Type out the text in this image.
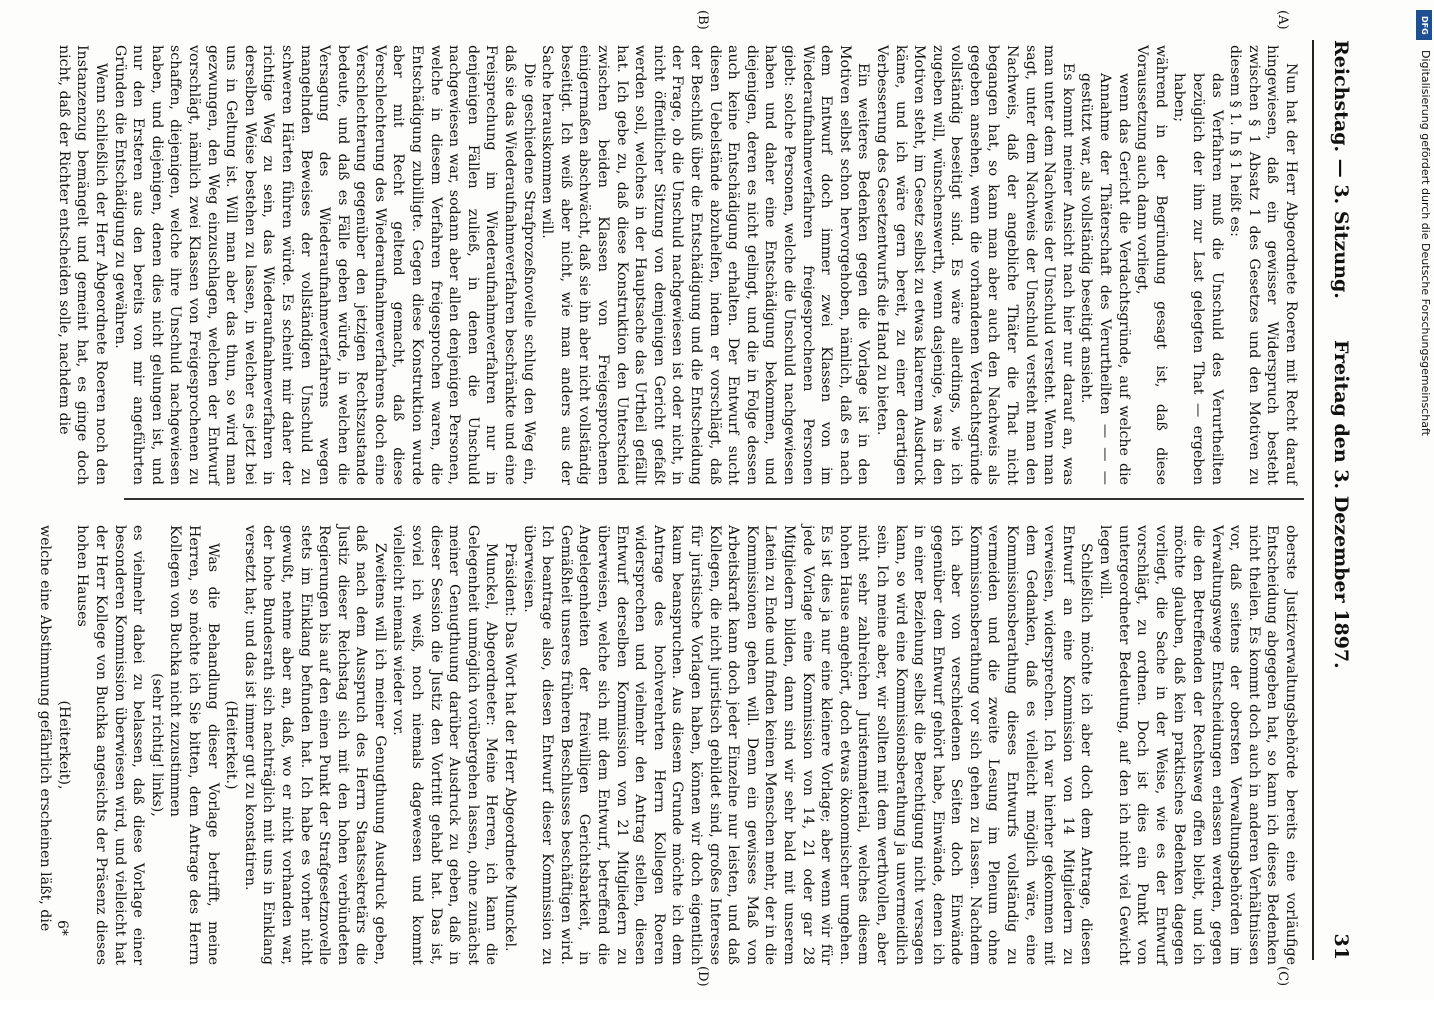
Reichstag. — 3. Sitzung.
Freitag den 3. Dezember 1897.
31
(A)
(B)
(C)
(D)

Nun hat der Herr Abgeordnete Roeren mit Recht darauf hingewiesen, daß ein gewisser Widerspruch besteht zwischen § 1 Absatz 1 des Gesetzes und den Motiven zu diesem § 1. In § 1 heißt es:

das Verfahren muß die Unschuld des Verurtheilten bezüglich der ihm zur Last gelegten That — ergeben haben;

während in der Begründung gesagt ist, daß diese Voraussetzung auch dann vorliegt,

wenn das Gericht die Verdachtsgründe, auf welche die Annahme der Thäterschaft des Verurtheilten — — — gestützt war, als vollständig beseitigt ansieht.

Es kommt meiner Ansicht nach hier nur darauf an, was man unter dem Nachweis der Unschuld versteht. Wenn man sagt, unter dem Nachweis der Unschuld versteht man den Nachweis, daß der angebliche Thäter die That nicht begangen hat, so kann man aber auch den Nachweis als gegeben ansehen, wenn die vorhandenen Verdachtsgründe vollständig beseitigt sind. Es wäre allerdings, wie ich zugeben will, wünschenswerth, wenn dasjenige, was in den Motiven steht, im Gesetz selbst zu etwas klarerem Ausdruck käme, und ich wäre gern bereit, zu einer derartigen Verbesserung des Gesetzentwurfs die Hand zu bieten.

Ein weiteres Bedenken gegen die Vorlage ist in den Motiven selbst schon hervorgehoben, nämlich, daß es nach dem Entwurf doch immer zwei Klassen von im Wiederaufnahmeverfahren freigesprochenen Personen giebt: solche Personen, welche die Unschuld nachgewiesen haben und daher eine Entschädigung bekommen, und diejenigen, deren es nicht gelingt, und die in Folge dessen auch keine Entschädigung erhalten. Der Entwurf sucht diesen Uebelstände abzuhelfen, indem er vorschlägt, daß der Beschluß über die Entschädigung und die Entscheidung der Frage, ob die Unschuld nachgewiesen ist oder nicht, in nicht öffentlicher Sitzung von demjenigen Gericht gefaßt werden soll, welches in der Hauptsache das Urtheil gefällt hat. Ich gebe zu, daß diese Konstruktion den Unterschied zwischen beiden Klassen von Freigesprochenen einigermaßen abschwächt, daß sie ihn aber nicht vollständig beseitigt. Ich weiß aber nicht, wie man anders aus der Sache herauskommen will.

Die geschiedene Strafprozeßnovelle schlug den Weg ein, daß sie das Wiederaufnahmeverfahren beschränkte und eine Freisprechung im Wiederaufnahmeverfahren nur in denjenigen Fällen zuließ, in denen die Unschuld nachgewiesen war, sodann aber allen denjenigen Personen, welche in diesem Verfahren freigesprochen waren, die Entschädigung zubilligte. Gegen diese Konstruktion wurde aber mit Recht geltend gemacht, daß diese Verschlechterung des Wiederaufnahmeverfahrens doch eine Verschlechterung gegenüber den jetzigen Rechtszustande bedeute, und daß es Fälle geben würde, in welchen die Versagung des Wiederaufnahmeverfahrens wegen mangelnden Beweises der vollständigen Unschuld zu schweren Härten führen würde. Es scheint mir daher der richtige Weg zu sein, das Wiederaufnahmeverfahren in derselben Weise bestehen zu lassen, in welcher es jetzt bei uns in Geltung ist. Will man aber das thun, so wird man gezwungen, den Weg einzuschlagen, welchen der Entwurf vorschlägt, nämlich zwei Klassen von Freigesprochenen zu schaffen, diejenigen, welche ihre Unschuld nachgewiesen haben, und diejenigen, denen dies nicht gelungen ist, und nur den Ersteren aus den bereits von mir angeführten Gründen die Entschädigung zu gewähren.

Wenn schließlich der Herr Abgeordnete Roeren noch den Instanzenzug bemängelt und gemeint hat, es ginge doch nicht, daß der Richter entscheiden solle, nachdem die

oberste Justizverwaltungsbehörde bereits eine vorläufige Entscheidung abgegeben hat, so kann ich dieses Bedenken nicht theilen. Es kommt doch auch in anderen Verhältnissen vor, daß seitens der obersten Verwaltungsbehörden im Verwaltungswege Entscheidungen erlassen werden, gegen die den Betreffenden der Rechtsweg offen bleibt, und ich möchte glauben, daß kein praktisches Bedenken dagegen vorliegt, die Sache in der Weise, wie es der Entwurf vorschlägt, zu ordnen. Doch ist dies ein Punkt von untergeordneter Bedeutung, auf den ich nicht viel Gewicht legen will.

Schließlich möchte ich aber doch dem Antrage, diesen Entwurf an eine Kommission von 14 Mitgliedern zu verweisen, widersprechen. Ich war hierher gekommen mit dem Gedanken, daß es vielleicht möglich wäre, eine Kommissionsberathung dieses Entwurfs vollständig zu vermeiden und die zweite Lesung im Plenum ohne Kommissionsberathung vor sich gehen zu lassen. Nachdem ich aber von verschiedenen Seiten doch Einwände gegenüber dem Entwurf gehört habe, Einwände, denen ich in einer Beziehung selbst die Berechtigung nicht versagen kann, so wird eine Kommissionsberathung ja unvermeidlich sein. Ich meine aber, wir sollten mit dem werthvollen, aber nicht sehr zahlreichen Juristenmaterial, welches diesem hohen Hause angehört, doch etwas ökonomischer umgehen. Es ist dies ja nur eine kleinere Vorlage; aber wenn wir für jede Vorlage eine Kommission von 14, 21 oder gar 28 Mitgliedern bilden, dann sind wir sehr bald mit unserem Latein zu Ende und finden keinen Menschen mehr, der in die Kommissionen gehen will. Denn ein gewisses Maß von Arbeitskraft kann doch jeder Einzelne nur leisten, und daß Kollegen, die nicht juristisch gebildet sind, großes Interesse für juristische Vorlagen haben, können wir doch eigentlich kaum beanspruchen. Aus diesem Grunde möchte ich dem Antrage des hochverehrten Herrn Kollegen Roeren widersprechen und vielmehr den Antrag stellen, diesen Entwurf derselben Kommission von 21 Mitgliedern zu überweisen, welche sich mit dem Entwurf, betreffend die Angelegenheiten der freiwilligen Gerichtsbarkeit, in Gemäßheit unseres früheren Beschlusses beschäftigen wird. Ich beantrage also, diesen Entwurf dieser Kommission zu überweisen.

Präsident: Das Wort hat der Herr Abgeordnete Munckel.

Munckel, Abgeordneter: Meine Herren, ich kann die Gelegenheit unmöglich vorübergehen lassen, ohne zunächst meiner Genugthuung darüber Ausdruck zu geben, daß in dieser Session die Justiz den Vortritt gehabt hat. Das ist, soviel ich weiß, noch niemals dagewesen und kommt vielleicht niemals wieder vor.

Zweitens will ich meiner Genugthuung Ausdruck geben, daß nach dem Ausspruch des Herrn Staatssekretärs die Justiz dieser Reichstag sich mit den hohen verbündeten Regierungen bis auf den einen Punkt der Strafgesetznovelle stets im Einklang befunden hat. Ich habe es vorher nicht gewußt, nehme aber an, daß, wo er nicht vorhanden war, der hohe Bundesrath sich nachträglich mit uns in Einklang versetzt hat; und das ist immer gut zu konstatiren.

(Heiterkeit.)

Was die Behandlung dieser Vorlage betrifft, meine Herren, so möchte ich Sie bitten, dem Antrage des Herrn Kollegen von Buchka nicht zuzustimmen

(sehr richtig! links),

es vielmehr dabei zu belassen, daß diese Vorlage einer besonderen Kommission überwiesen wird, und vielleicht hat der Herr Kollege von Buchka angesichts der Präsenz dieses hohen Hauses

(Heiterkeit),

welche eine Abstimmung gefährlich erscheinen läßt, die 6*
DFG
Digitalisierung gefördert durch die Deutsche Forschungsgemeinschaft
